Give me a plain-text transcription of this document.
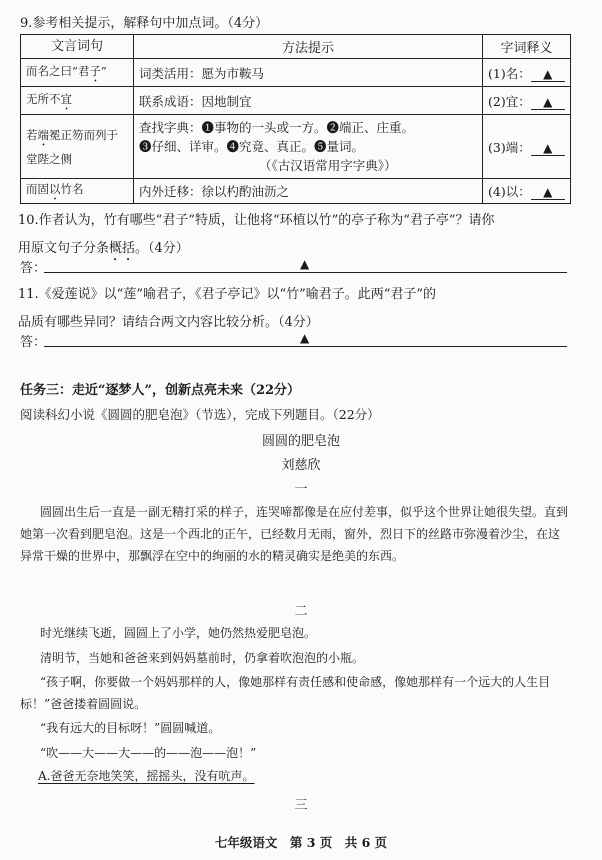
9.参考相关提示，解释句中加点词。（4分）
文言词句	方法提示	字词释义
而名之曰“君子”	词类活用：愿为市鞍马	(1)名： ▲
无所不宜	联系成语：因地制宜	(2)宜： ▲
若端冕正笏而列于堂陛之侧	查找字典：❶事物的一头或一方。❷端正、庄重。
❸仔细、详审。❹究竟、真正。❺量词。
（《古汉语常用字字典》）	(3)端： ▲
而固以竹名	内外迁移：徐以杓酌油沥之	(4)以： ▲
10.作者认为，竹有哪些“君子”特质，让他将“环植以竹”的亭子称为“君子亭”？请你
用原文句子分条概括。（4分）
答：	▲
11.《爱莲说》以“莲”喻君子，《君子亭记》以“竹”喻君子。此两“君子”的
品质有哪些异同？请结合两文内容比较分析。（4分）
答：	▲
任务三：走近“逐梦人”，创新点亮未来（22分）
阅读科幻小说《圆圆的肥皂泡》（节选），完成下列题目。（22分）
圆圆的肥皂泡
刘慈欣
一
圆圆出生后一直是一副无精打采的样子，连哭啼都像是在应付差事，似乎这个世界让她很失望。直到她第一次看到肥皂泡。这是一个西北的正午，已经数月无雨，窗外，烈日下的丝路市弥漫着沙尘，在这异常干燥的世界中，那飘浮在空中的绚丽的水的精灵确实是绝美的东西。
二
时光继续飞逝，圆圆上了小学，她仍然热爱肥皂泡。
清明节，当她和爸爸来到妈妈墓前时，仍拿着吹泡泡的小瓶。
“孩子啊，你要做一个妈妈那样的人，像她那样有责任感和使命感，像她那样有一个远大的人生目标！”爸爸搂着圆圆说。
“我有远大的目标呀！”圆圆喊道。
“吹——大——大——的——泡——泡！”
A.爸爸无奈地笑笑，摇摇头，没有吭声。
三
七年级语文　第 3 页　共 6 页
